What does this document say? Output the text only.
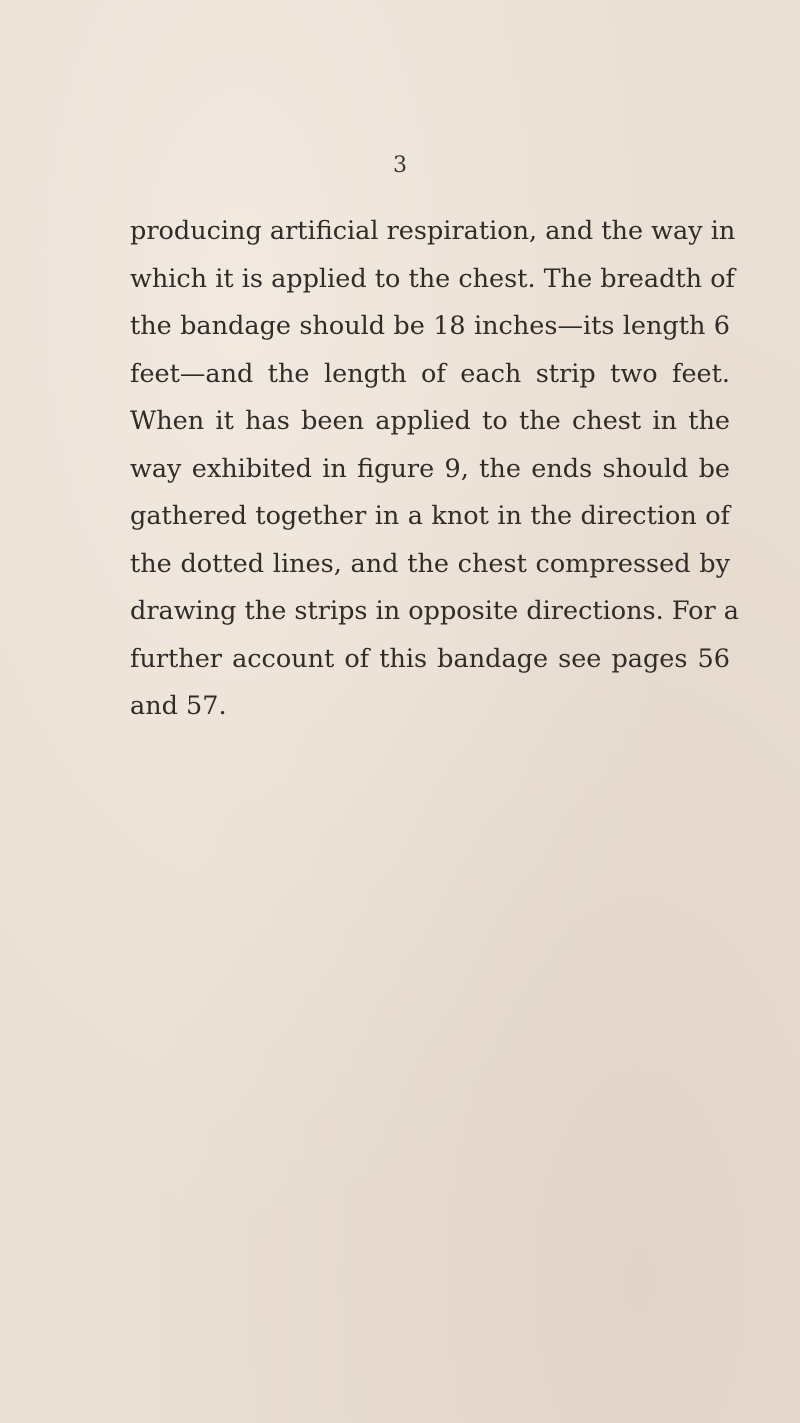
3

producing artificial respiration, and the way in
which it is applied to the chest. The breadth of
the bandage should be 18 inches—its length 6
feet—and the length of each strip two feet.
When it has been applied to the chest in the
way exhibited in figure 9, the ends should be
gathered together in a knot in the direction of
the dotted lines, and the chest compressed by
drawing the strips in opposite directions. For a
further account of this bandage see pages 56
and 57.
